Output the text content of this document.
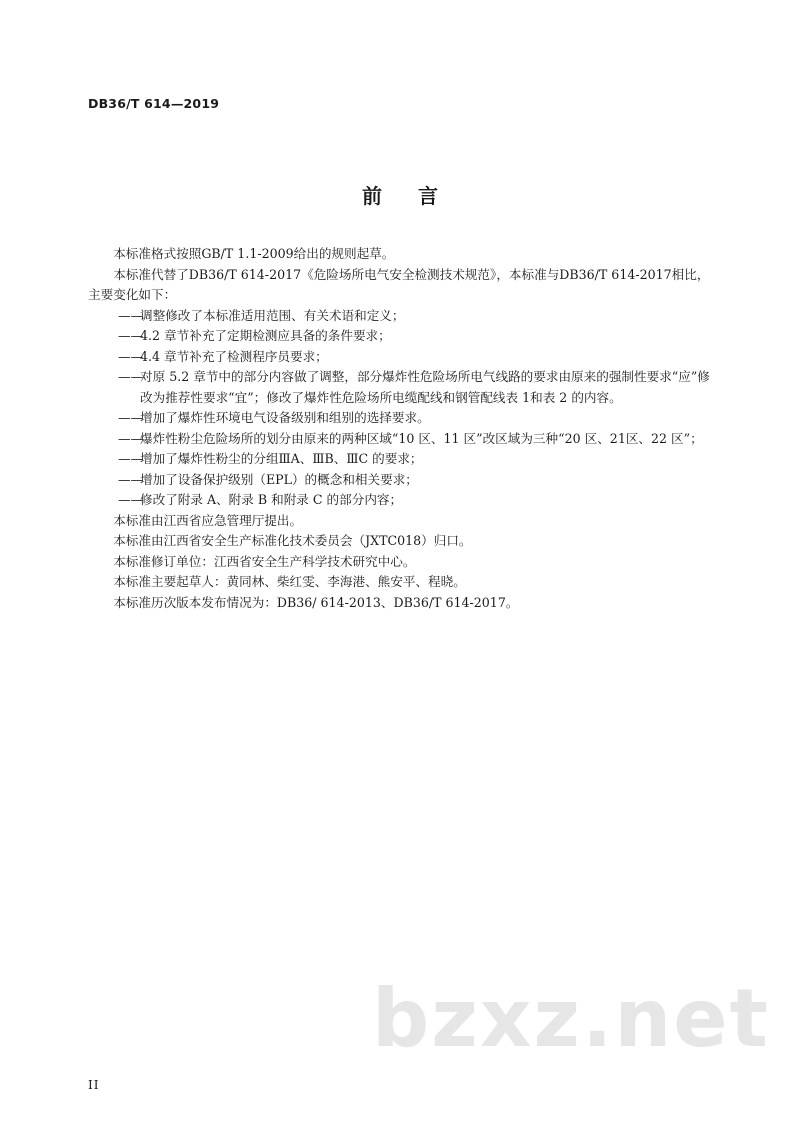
DB36/T 614—2019
前言

本标准格式按照GB/T 1.1-2009给出的规则起草。

本标准代替了DB36/T 614-2017《危险场所电气安全检测技术规范》，本标准与DB36/T 614-2017相比，主要变化如下：

——
调整修改了本标准适用范围、有关术语和定义；
——
4.2 章节补充了定期检测应具备的条件要求；
——
4.4 章节补充了检测程序员要求；
——
对原 5.2 章节中的部分内容做了调整，部分爆炸性危险场所电气线路的要求由原来的强制性要求“应”修改为推荐性要求“宜”；修改了爆炸性危险场所电缆配线和钢管配线表 1和表 2 的内容。
——
增加了爆炸性环境电气设备级别和组别的选择要求。
——
爆炸性粉尘危险场所的划分由原来的两种区域“10 区、11 区”改区域为三种“20 区、21区、22 区”；
——
增加了爆炸性粉尘的分组ⅢA、ⅢB、ⅢC 的要求；
——
增加了设备保护级别（EPL）的概念和相关要求；
——
修改了附录 A、附录 B 和附录 C 的部分内容；

本标准由江西省应急管理厅提出。

本标准由江西省安全生产标准化技术委员会（JXTC018）归口。

本标准修订单位：江西省安全生产科学技术研究中心。

本标准主要起草人：黄同林、柴红雯、李海港、熊安平、程晓。

本标准历次版本发布情况为：DB36/ 614-2013、DB36/T 614-2017。

bzxz.net
II
